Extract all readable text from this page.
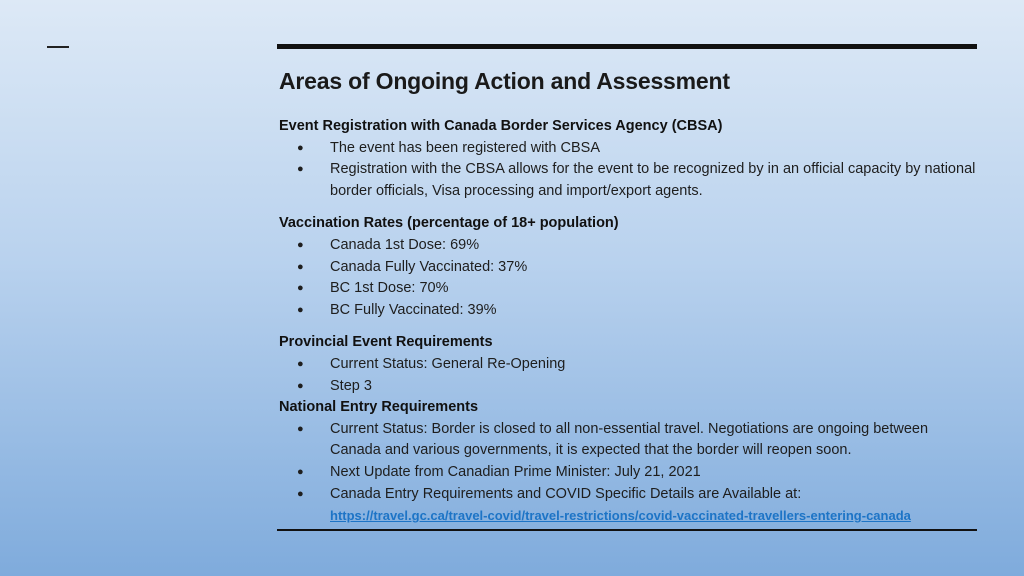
Areas of Ongoing Action and Assessment
Event Registration with Canada Border Services Agency (CBSA)
● The event has been registered with CBSA
● Registration with the CBSA allows for the event to be recognized by in an official capacity by national border officials, Visa processing and import/export agents.
Vaccination Rates (percentage of 18+ population)
● Canada 1st Dose: 69%
● Canada Fully Vaccinated: 37%
● BC 1st Dose: 70%
● BC Fully Vaccinated: 39%
Provincial Event Requirements
● Current Status: General Re-Opening
● Step 3
National Entry Requirements
● Current Status: Border is closed to all non-essential travel. Negotiations are ongoing between Canada and various governments, it is expected that the border will reopen soon.
● Next Update from Canadian Prime Minister: July 21, 2021
● Canada Entry Requirements and COVID Specific Details are Available at:
https://travel.gc.ca/travel-covid/travel-restrictions/covid-vaccinated-travellers-entering-canada
